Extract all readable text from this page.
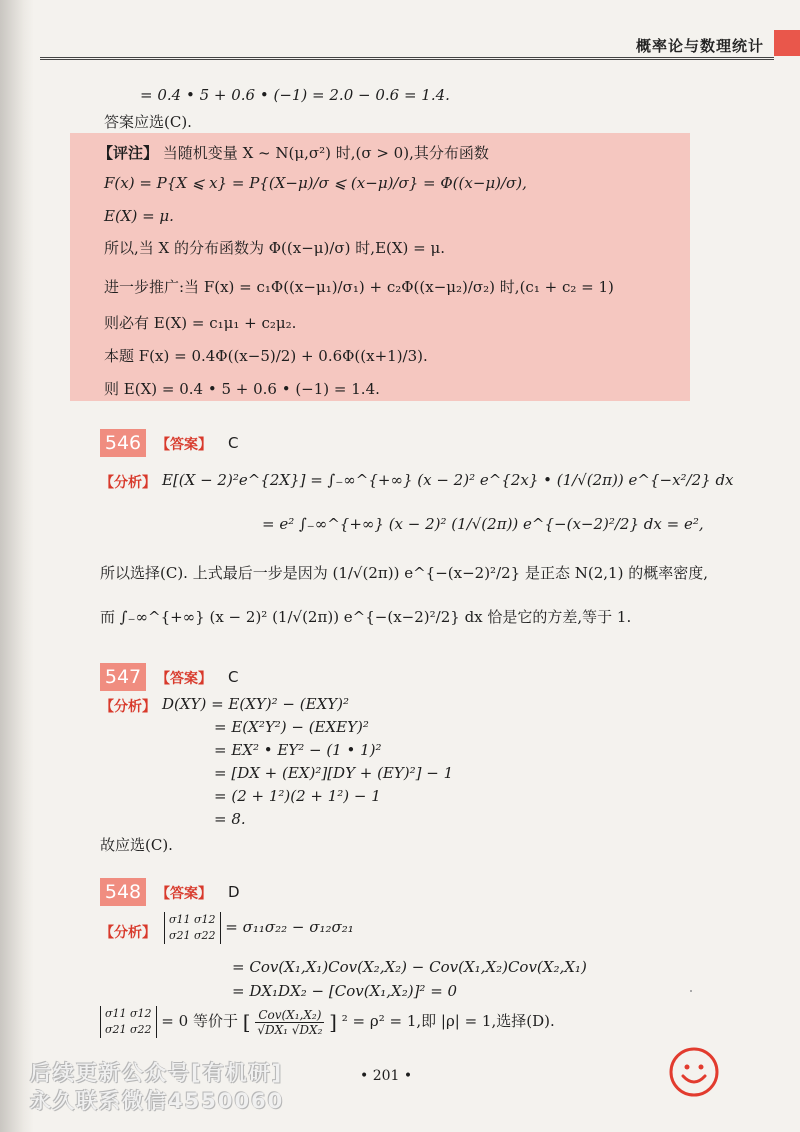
概率论与数理统计
= 0.4 • 5 + 0.6 • (−1) = 2.0 − 0.6 = 1.4.
答案应选(C).
【评注】 当随机变量 X ~ N(μ,σ²) 时,(σ > 0),其分布函数
F(x) = P{X ⩽ x} = P{(X−μ)/σ ⩽ (x−μ)/σ} = Φ((x−μ)/σ),
E(X) = μ.
所以,当 X 的分布函数为 Φ((x−μ)/σ) 时,E(X) = μ.
进一步推广:当 F(x) = c₁Φ((x−μ₁)/σ₁) + c₂Φ((x−μ₂)/σ₂) 时,(c₁ + c₂ = 1)
则必有 E(X) = c₁μ₁ + c₂μ₂.
本题 F(x) = 0.4Φ((x−5)/2) + 0.6Φ((x+1)/3).
则 E(X) = 0.4 • 5 + 0.6 • (−1) = 1.4.
546	【答案】 C
【分析】 E[(X − 2)²e^{2X}] = ∫₋∞^{+∞} (x − 2)² e^{2x} • (1/√(2π)) e^{−x²/2} dx
= e² ∫₋∞^{+∞} (x − 2)² (1/√(2π)) e^{−(x−2)²/2} dx = e²,
所以选择(C). 上式最后一步是因为 (1/√(2π)) e^{−(x−2)²/2} 是正态 N(2,1) 的概率密度,
而 ∫₋∞^{+∞} (x − 2)² (1/√(2π)) e^{−(x−2)²/2} dx 恰是它的方差,等于 1.
547	【答案】 C
【分析】 D(XY) = E(XY)² − (EXY)²
= E(X²Y²) − (EXEY)²
= EX² • EY² − (1 • 1)²
= [DX + (EX)²][DY + (EY)²] − 1
= (2 + 1²)(2 + 1²) − 1
= 8.
故应选(C).
548	【答案】 D
【分析】
σ11 σ12
σ21 σ22 = σ₁₁σ₂₂ − σ₁₂σ₂₁
= Cov(X₁,X₁)Cov(X₂,X₂) − Cov(X₁,X₂)Cov(X₂,X₁)
= DX₁DX₂ − [Cov(X₁,X₂)]² = 0
σ11 σ12
σ21 σ22 = 0 等价于 [ $\frac{\text{Cov(X₁,X₂)}}{\text{√DX₁ √DX₂}}$ ] ² = ρ² = 1,即 |ρ| = 1,选择(D).
• 201 •
后续更新公众号[有机研]
永久联系微信4550060
